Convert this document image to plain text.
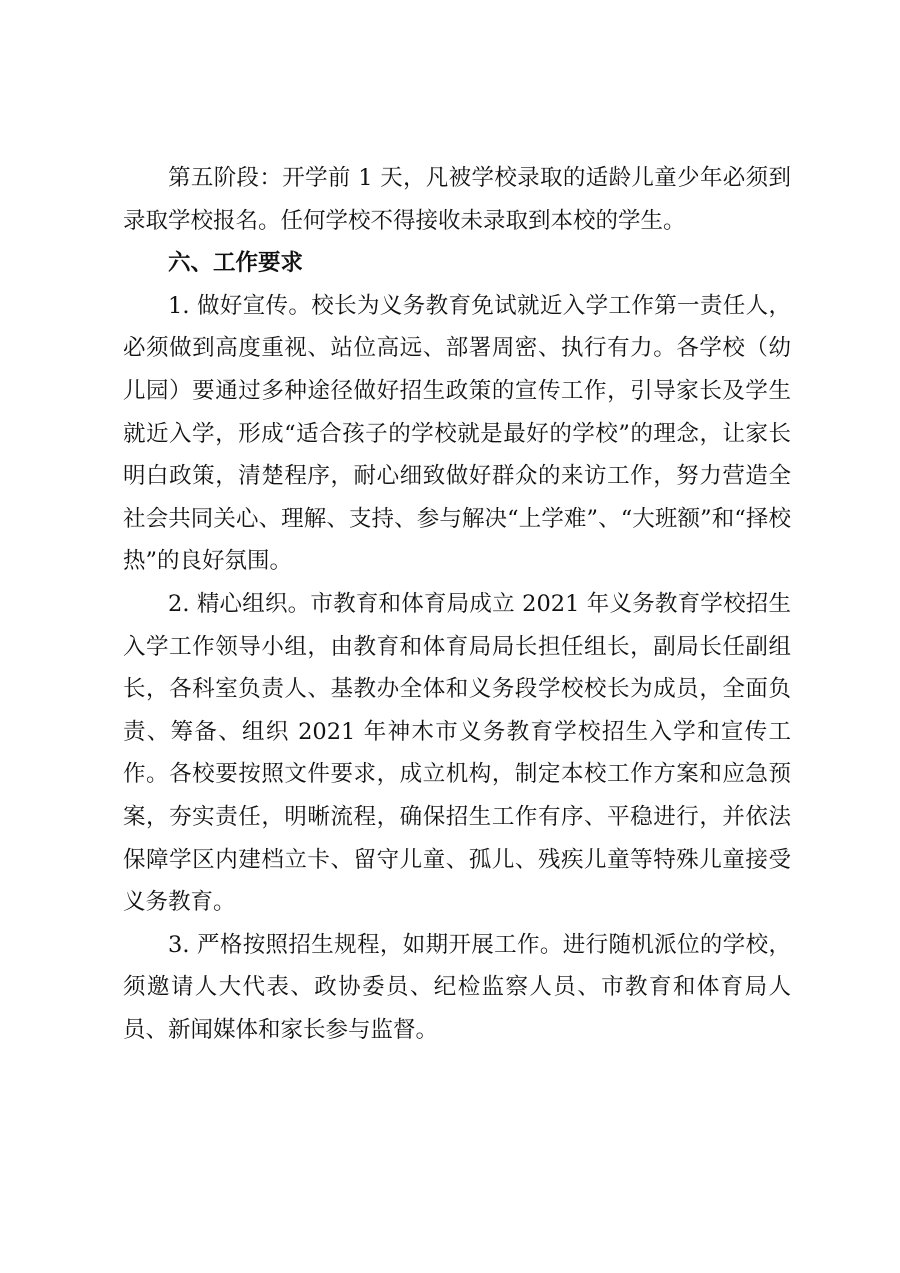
第五阶段：开学前 1 天，凡被学校录取的适龄儿童少年必须到录取学校报名。任何学校不得接收未录取到本校的学生。

六、工作要求

1. 做好宣传。校长为义务教育免试就近入学工作第一责任人，必须做到高度重视、站位高远、部署周密、执行有力。各学校（幼儿园）要通过多种途径做好招生政策的宣传工作，引导家长及学生就近入学，形成“适合孩子的学校就是最好的学校”的理念，让家长明白政策，清楚程序，耐心细致做好群众的来访工作，努力营造全社会共同关心、理解、支持、参与解决“上学难”、“大班额”和“择校热”的良好氛围。

2. 精心组织。市教育和体育局成立 2021 年义务教育学校招生入学工作领导小组，由教育和体育局局长担任组长，副局长任副组长，各科室负责人、基教办全体和义务段学校校长为成员，全面负责、筹备、组织 2021 年神木市义务教育学校招生入学和宣传工作。各校要按照文件要求，成立机构，制定本校工作方案和应急预案，夯实责任，明晰流程，确保招生工作有序、平稳进行，并依法保障学区内建档立卡、留守儿童、孤儿、残疾儿童等特殊儿童接受义务教育。

3. 严格按照招生规程，如期开展工作。进行随机派位的学校，须邀请人大代表、政协委员、纪检监察人员、市教育和体育局人员、新闻媒体和家长参与监督。
